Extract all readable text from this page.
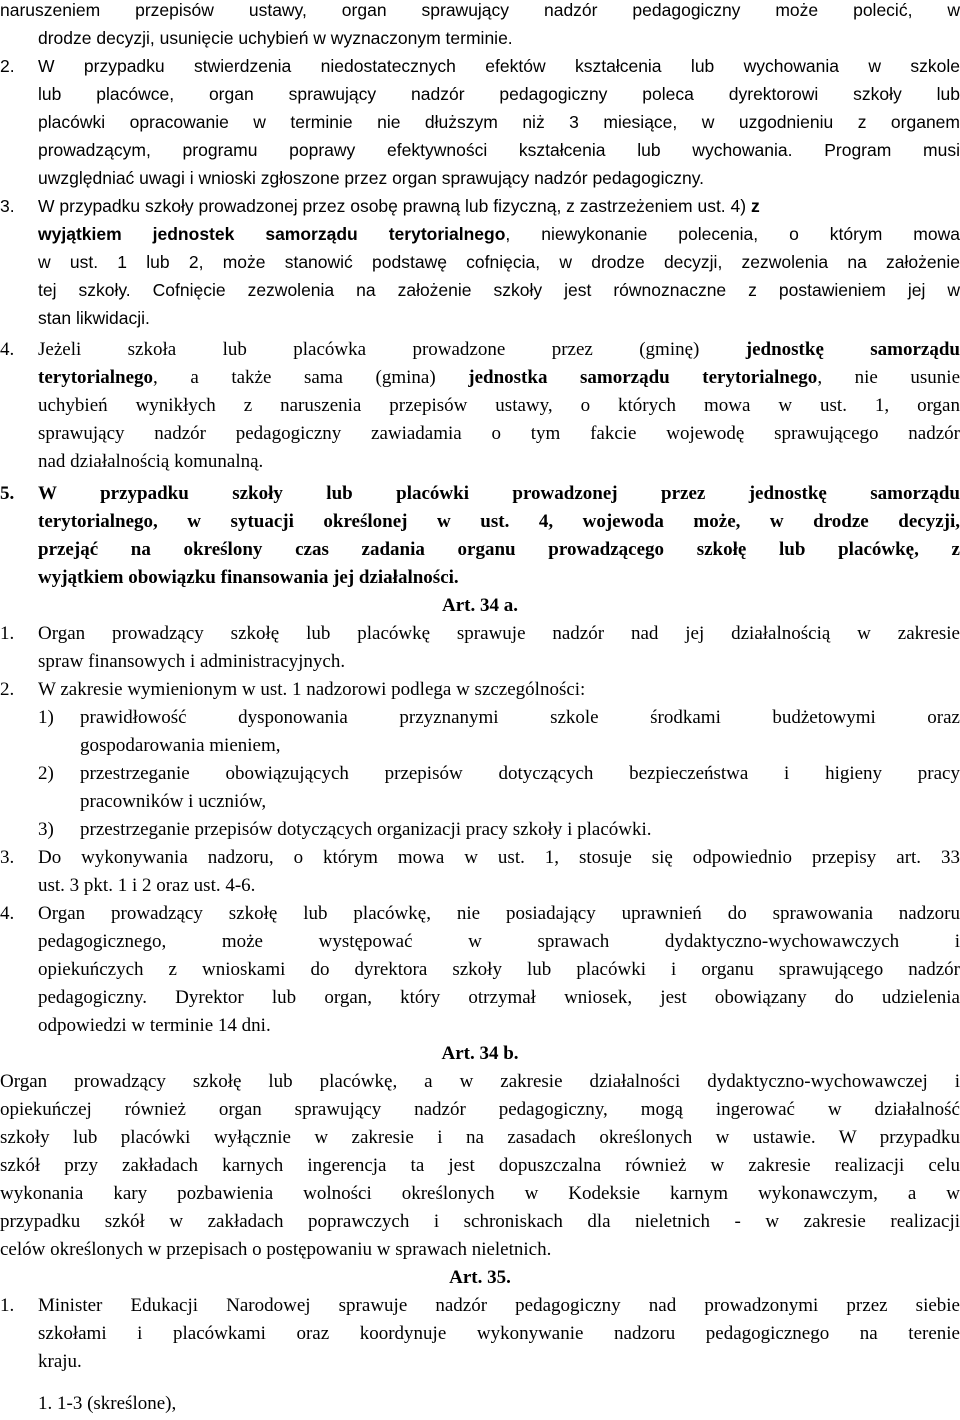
naruszeniem przepisów ustawy, organ sprawujący nadzór pedagogiczny może polecić, w
drodze decyzji, usunięcie uchybień w wyznaczonym terminie.
2.	W przypadku stwierdzenia niedostatecznych efektów kształcenia lub wychowania w szkole
lub placówce, organ sprawujący nadzór pedagogiczny poleca dyrektorowi szkoły lub
placówki opracowanie w terminie nie dłuższym niż 3 miesiące, w uzgodnieniu z organem
prowadzącym, programu poprawy efektywności kształcenia lub wychowania. Program musi
uwzględniać uwagi i wnioski zgłoszone przez organ sprawujący nadzór pedagogiczny.
3.	W przypadku szkoły prowadzonej przez osobę prawną lub fizyczną, z zastrzeżeniem ust. 4) z
wyjątkiem jednostek samorządu terytorialnego, niewykonanie polecenia, o którym mowa
w ust. 1 lub 2, może stanowić podstawę cofnięcia, w drodze decyzji, zezwolenia na założenie
tej szkoły. Cofnięcie zezwolenia na założenie szkoły jest równoznaczne z postawieniem jej w
stan likwidacji.
4.	Jeżeli szkoła lub placówka prowadzone przez (gminę) jednostkę samorządu
terytorialnego, a także sama (gmina) jednostka samorządu terytorialnego, nie usunie
uchybień wynikłych z naruszenia przepisów ustawy, o których mowa w ust. 1, organ
sprawujący nadzór pedagogiczny zawiadamia o tym fakcie wojewodę sprawującego nadzór
nad działalnością komunalną.
5.	W przypadku szkoły lub placówki prowadzonej przez jednostkę samorządu
terytorialnego, w sytuacji określonej w ust. 4, wojewoda może, w drodze decyzji,
przejąć na określony czas zadania organu prowadzącego szkołę lub placówkę, z
wyjątkiem obowiązku finansowania jej działalności.
Art. 34 a.
1.	Organ prowadzący szkołę lub placówkę sprawuje nadzór nad jej działalnością w zakresie
spraw finansowych i administracyjnych.
2.	W zakresie wymienionym w ust. 1 nadzorowi podlega w szczególności:
1)	prawidłowość dysponowania przyznanymi szkole środkami budżetowymi oraz
gospodarowania mieniem,
2)	przestrzeganie obowiązujących przepisów dotyczących bezpieczeństwa i higieny pracy
pracowników i uczniów,
3)	przestrzeganie przepisów dotyczących organizacji pracy szkoły i placówki.
3.	Do wykonywania nadzoru, o którym mowa w ust. 1, stosuje się odpowiednio przepisy art. 33
ust. 3 pkt. 1 i 2 oraz ust. 4-6.
4.	Organ prowadzący szkołę lub placówkę, nie posiadający uprawnień do sprawowania nadzoru
pedagogicznego, może występować w sprawach dydaktyczno-wychowawczych i
opiekuńczych z wnioskami do dyrektora szkoły lub placówki i organu sprawującego nadzór
pedagogiczny. Dyrektor lub organ, który otrzymał wniosek, jest obowiązany do udzielenia
odpowiedzi w terminie 14 dni.
Art. 34 b.
Organ prowadzący szkołę lub placówkę, a w zakresie działalności dydaktyczno-wychowawczej i
opiekuńczej również organ sprawujący nadzór pedagogiczny, mogą ingerować w działalność
szkoły lub placówki wyłącznie w zakresie i na zasadach określonych w ustawie. W przypadku
szkół przy zakładach karnych ingerencja ta jest dopuszczalna również w zakresie realizacji celu
wykonania kary pozbawienia wolności określonych w Kodeksie karnym wykonawczym, a w
przypadku szkół w zakładach poprawczych i schroniskach dla nieletnich - w zakresie realizacji
celów określonych w przepisach o postępowaniu w sprawach nieletnich.
Art. 35.
1.	Minister Edukacji Narodowej sprawuje nadzór pedagogiczny nad prowadzonymi przez siebie
szkołami i placówkami oraz koordynuje wykonywanie nadzoru pedagogicznego na terenie
kraju.
1. 1-3 (skreślone),
